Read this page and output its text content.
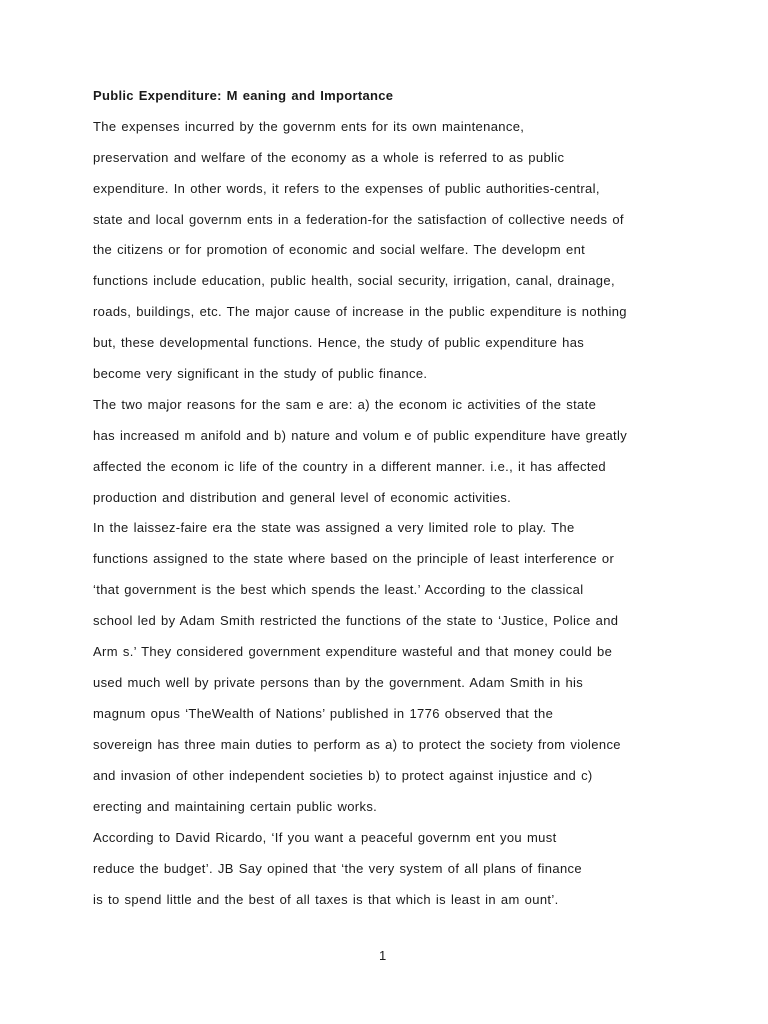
Public Expenditure: M eaning and Importance
The expenses incurred by the governm ents for its own maintenance,
preservation and welfare of the economy as a whole is referred to as public
expenditure. In other words, it refers to the expenses of public authorities-central,
state and local governm ents in a federation-for the satisfaction of collective needs of
the citizens or for promotion of economic and social welfare. The developm ent
functions include education, public health, social security, irrigation, canal, drainage,
roads, buildings, etc. The major cause of increase in the public expenditure is nothing
but, these developmental functions. Hence, the study of public expenditure has
become very significant in the study of public finance.
The two major reasons for the sam e are: a) the econom ic activities of the state
has increased m anifold and b) nature and volum e of public expenditure have greatly
affected the econom ic life of the country in a different manner. i.e., it has affected
production and distribution and general level of economic activities.
In the laissez-faire era the state was assigned a very limited role to play. The
functions assigned to the state where based on the principle of least interference or
‘that government is the best which spends the least.’ According to the classical
school led by Adam Smith restricted the functions of the state to ‘Justice, Police and
Arm s.’ They considered government expenditure wasteful and that money could be
used much well by private persons than by the government. Adam Smith in his
magnum opus ‘TheWealth of Nations’ published in 1776 observed that the
sovereign has three main duties to perform as a) to protect the society from violence
and invasion of other independent societies b) to protect against injustice and c)
erecting and maintaining certain public works.
According to David Ricardo, ‘If you want a peaceful governm ent you must
reduce the budget’. JB Say opined that ‘the very system of all plans of finance
is to spend little and the best of all taxes is that which is least in am ount’.
1
